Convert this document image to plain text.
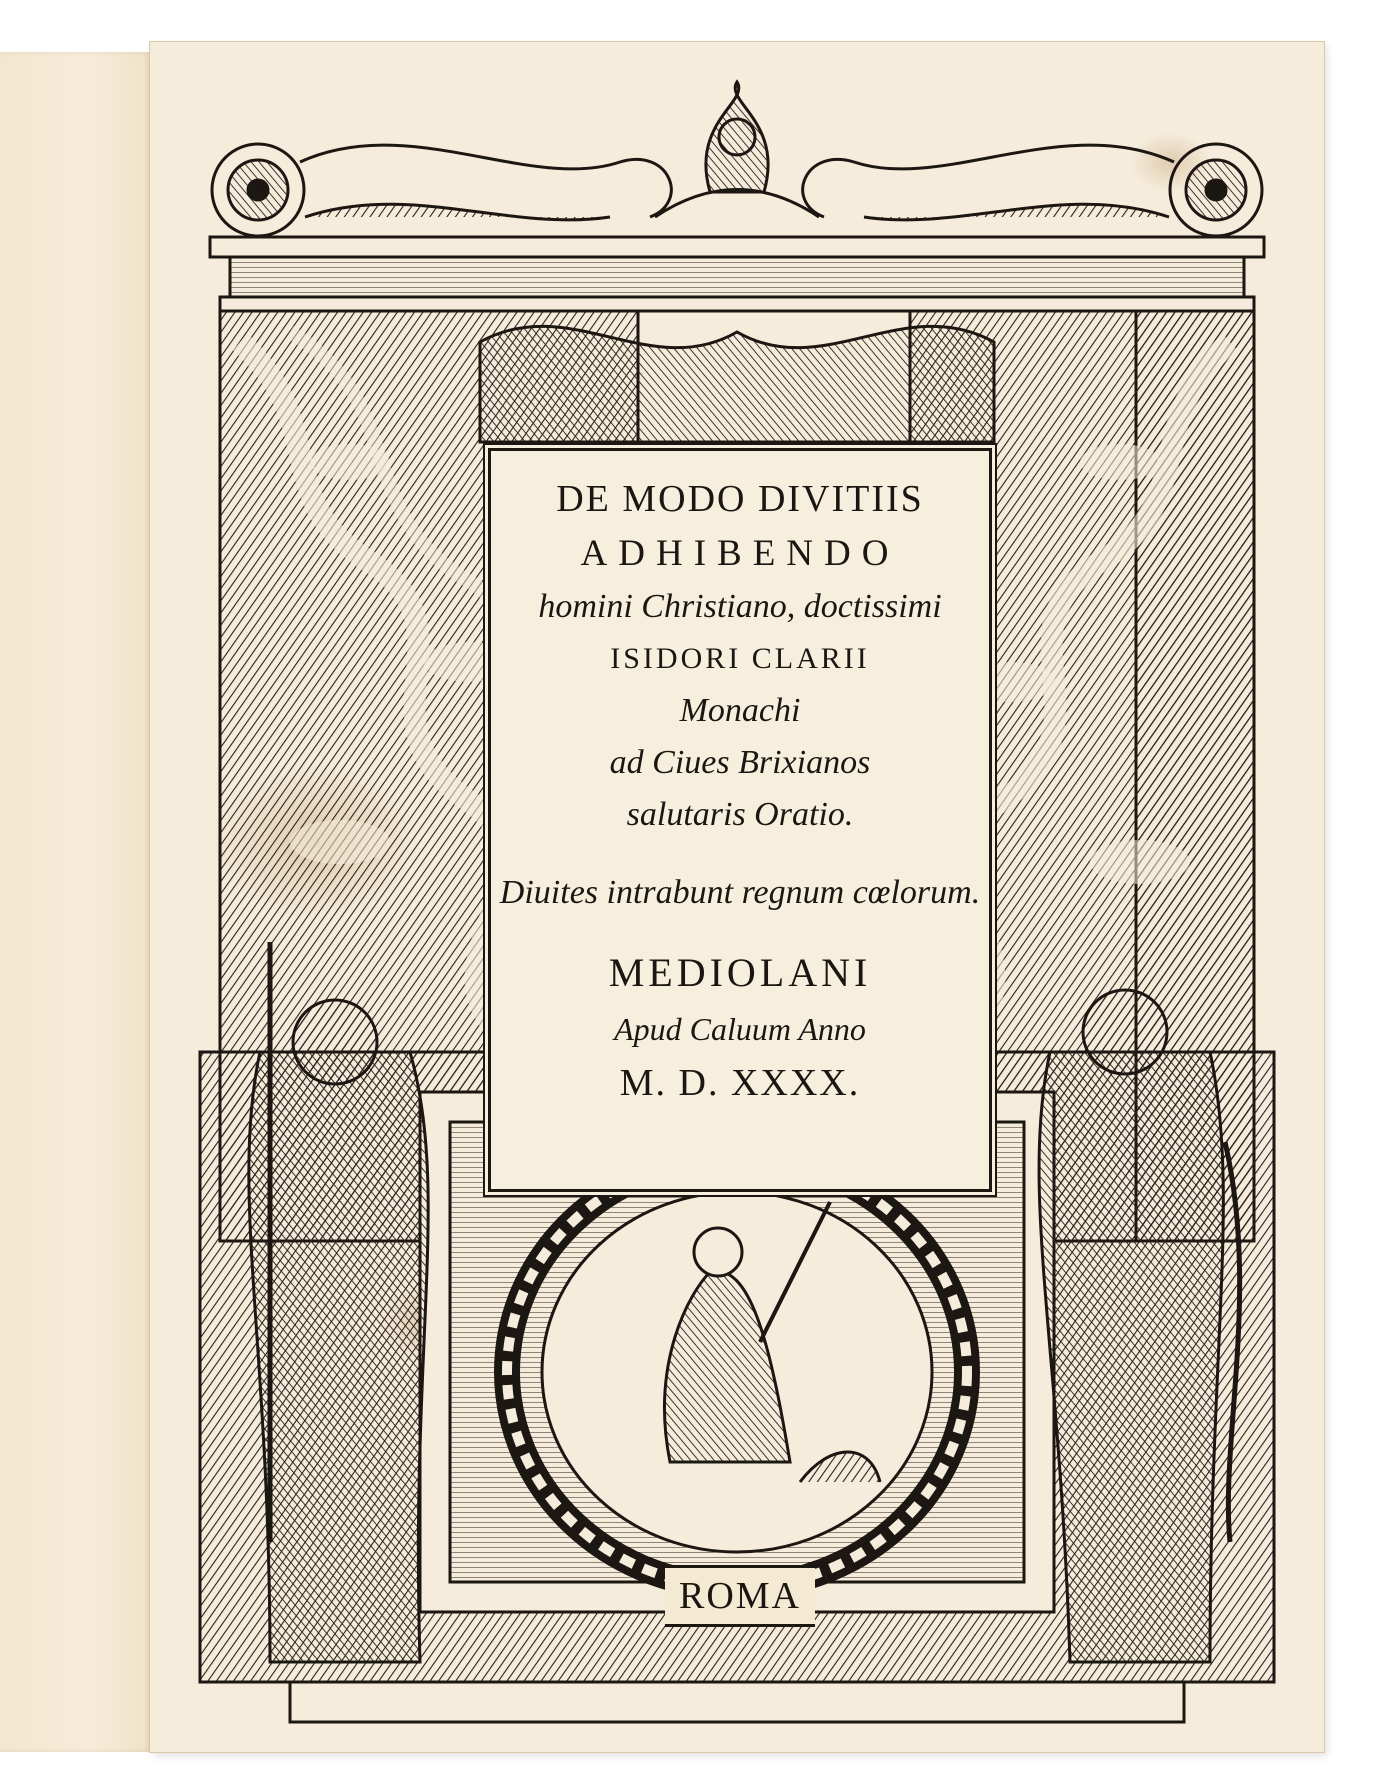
ROMA
DE MODO DIVITIIS
ADHIBENDO
homini Christiano, doctissimi
ISIDORI CLARII
Monachi
ad Ciues Brixianos
salutaris Oratio.
Diuites intrabunt regnum cœlorum.
MEDIOLANI
Apud Caluum Anno
M. D. XXXX.
